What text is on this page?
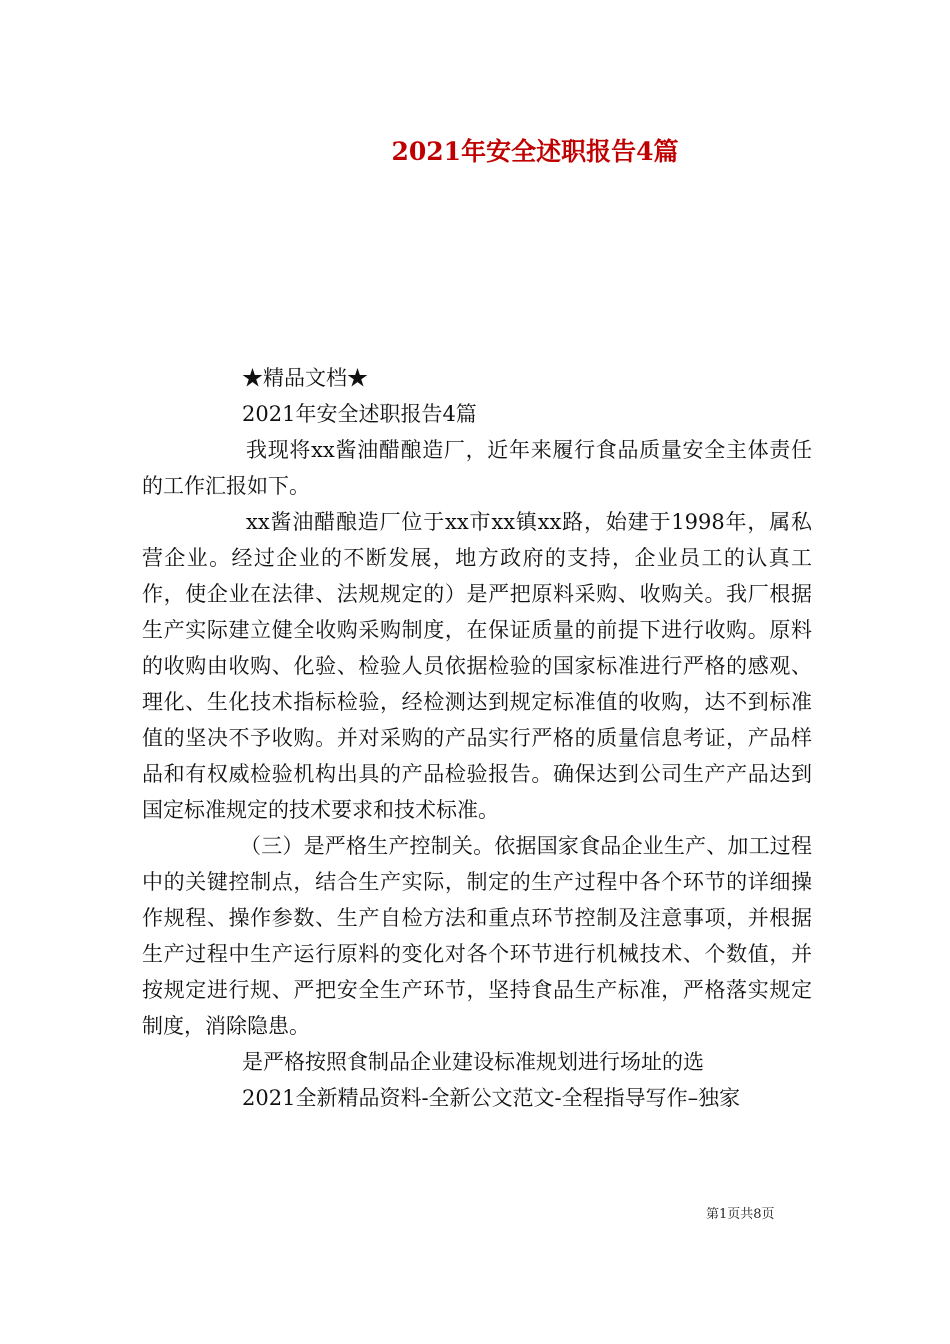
2021年安全述职报告4篇

★精品文档★

2021年安全述职报告4篇

我现将xx酱油醋酿造厂，近年来履行食品质量安全主体责任的工作汇报如下。

xx酱油醋酿造厂位于xx市xx镇xx路，始建于1998年，属私营企业。经过企业的不断发展，地方政府的支持，企业员工的认真工作，使企业在法律、法规规定的）是严把原料采购、收购关。我厂根据生产实际建立健全收购采购制度，在保证质量的前提下进行收购。原料的收购由收购、化验、检验人员依据检验的国家标准进行严格的感观、理化、生化技术指标检验，经检测达到规定标准值的收购，达不到标准值的坚决不予收购。并对采购的产品实行严格的质量信息考证，产品样品和有权威检验机构出具的产品检验报告。确保达到公司生产产品达到国定标准规定的技术要求和技术标准。

（三）是严格生产控制关。依据国家食品企业生产、加工过程中的关键控制点，结合生产实际，制定的生产过程中各个环节的详细操作规程、操作参数、生产自检方法和重点环节控制及注意事项，并根据生产过程中生产运行原料的变化对各个环节进行机械技术、个数值，并按规定进行规、严把安全生产环节，坚持食品生产标准，严格落实规定制度，消除隐患。

是严格按照食制品企业建设标准规划进行场址的选

2021全新精品资料-全新公文范文-全程指导写作–独家

第1页共8页
